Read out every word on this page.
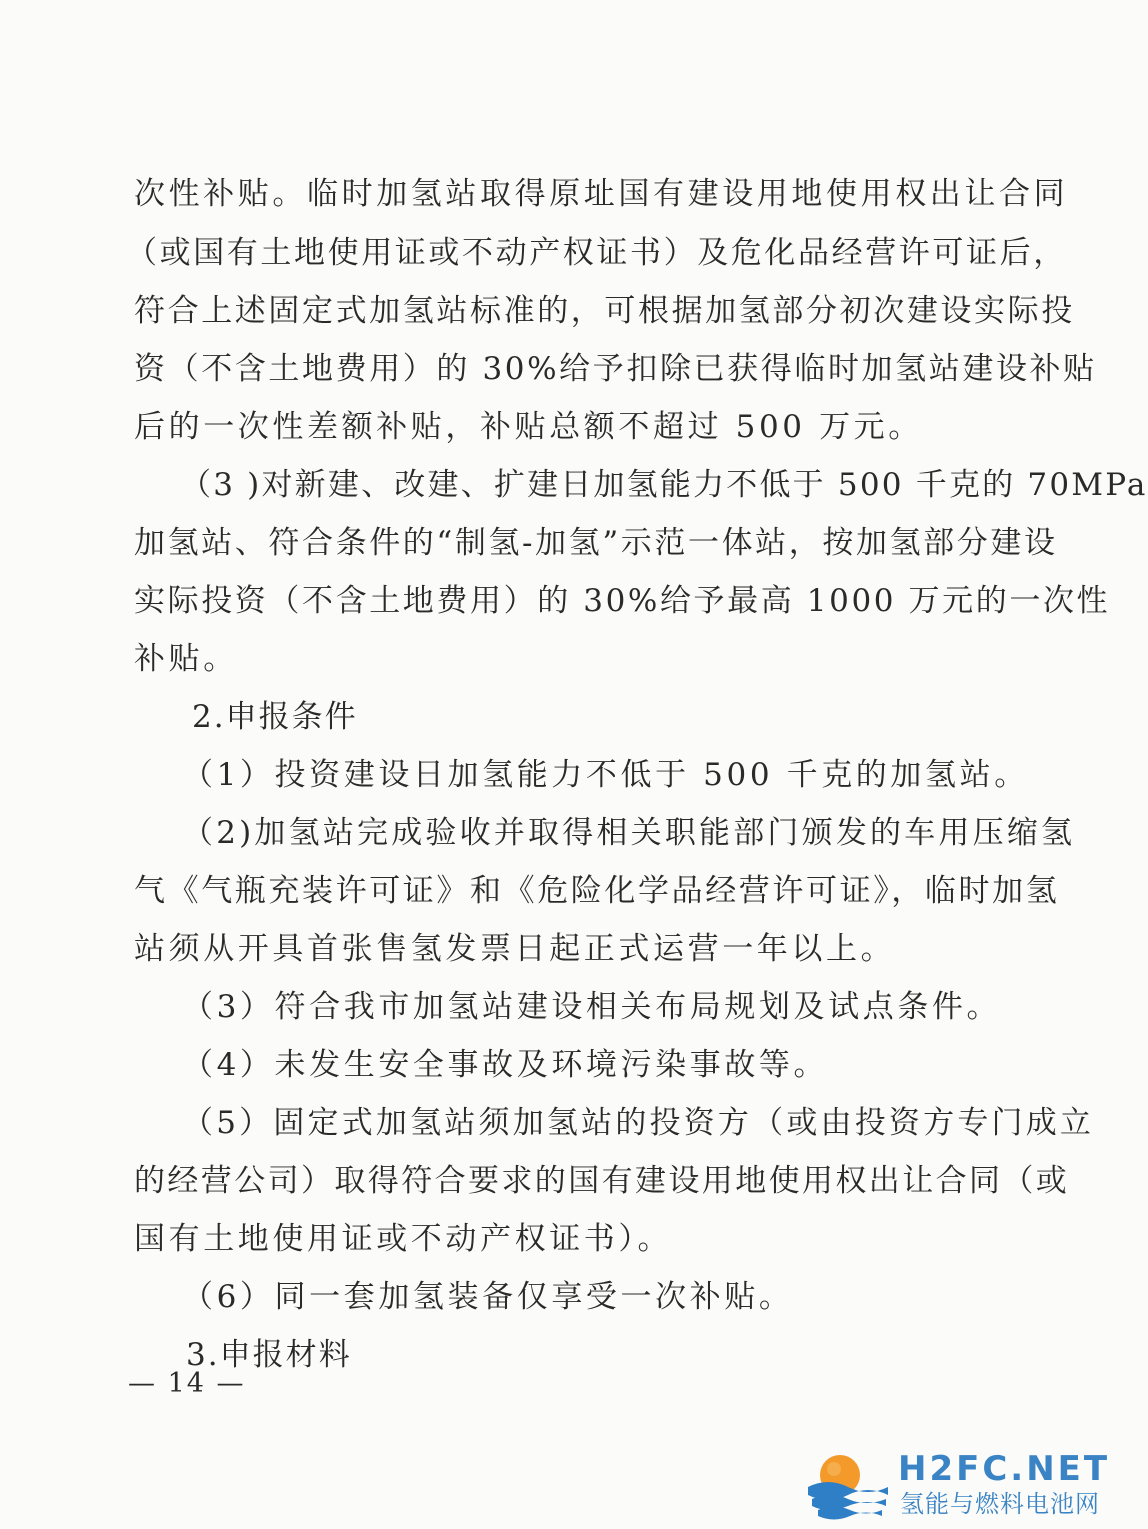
次性补贴。临时加氢站取得原址国有建设用地使用权出让合同
（或国有土地使用证或不动产权证书）及危化品经营许可证后，
符合上述固定式加氢站标准的，可根据加氢部分初次建设实际投
资（不含土地费用）的 30%给予扣除已获得临时加氢站建设补贴
后的一次性差额补贴，补贴总额不超过 500 万元。
（3 )对新建、改建、扩建日加氢能力不低于 500 千克的 70MPa
加氢站、符合条件的“制氢-加氢”示范一体站，按加氢部分建设
实际投资（不含土地费用）的 30%给予最高 1000 万元的一次性
补贴。
2.申报条件
（1）投资建设日加氢能力不低于 500 千克的加氢站。
（2)加氢站完成验收并取得相关职能部门颁发的车用压缩氢
气《气瓶充装许可证》和《危险化学品经营许可证》，临时加氢
站须从开具首张售氢发票日起正式运营一年以上。
（3）符合我市加氢站建设相关布局规划及试点条件。
（4）未发生安全事故及环境污染事故等。
（5）固定式加氢站须加氢站的投资方（或由投资方专门成立
的经营公司）取得符合要求的国有建设用地使用权出让合同（或
国有土地使用证或不动产权证书）。
（6）同一套加氢装备仅享受一次补贴。
3.申报材料
— 14 —
H2FC.NET
氢能与燃料电池网
